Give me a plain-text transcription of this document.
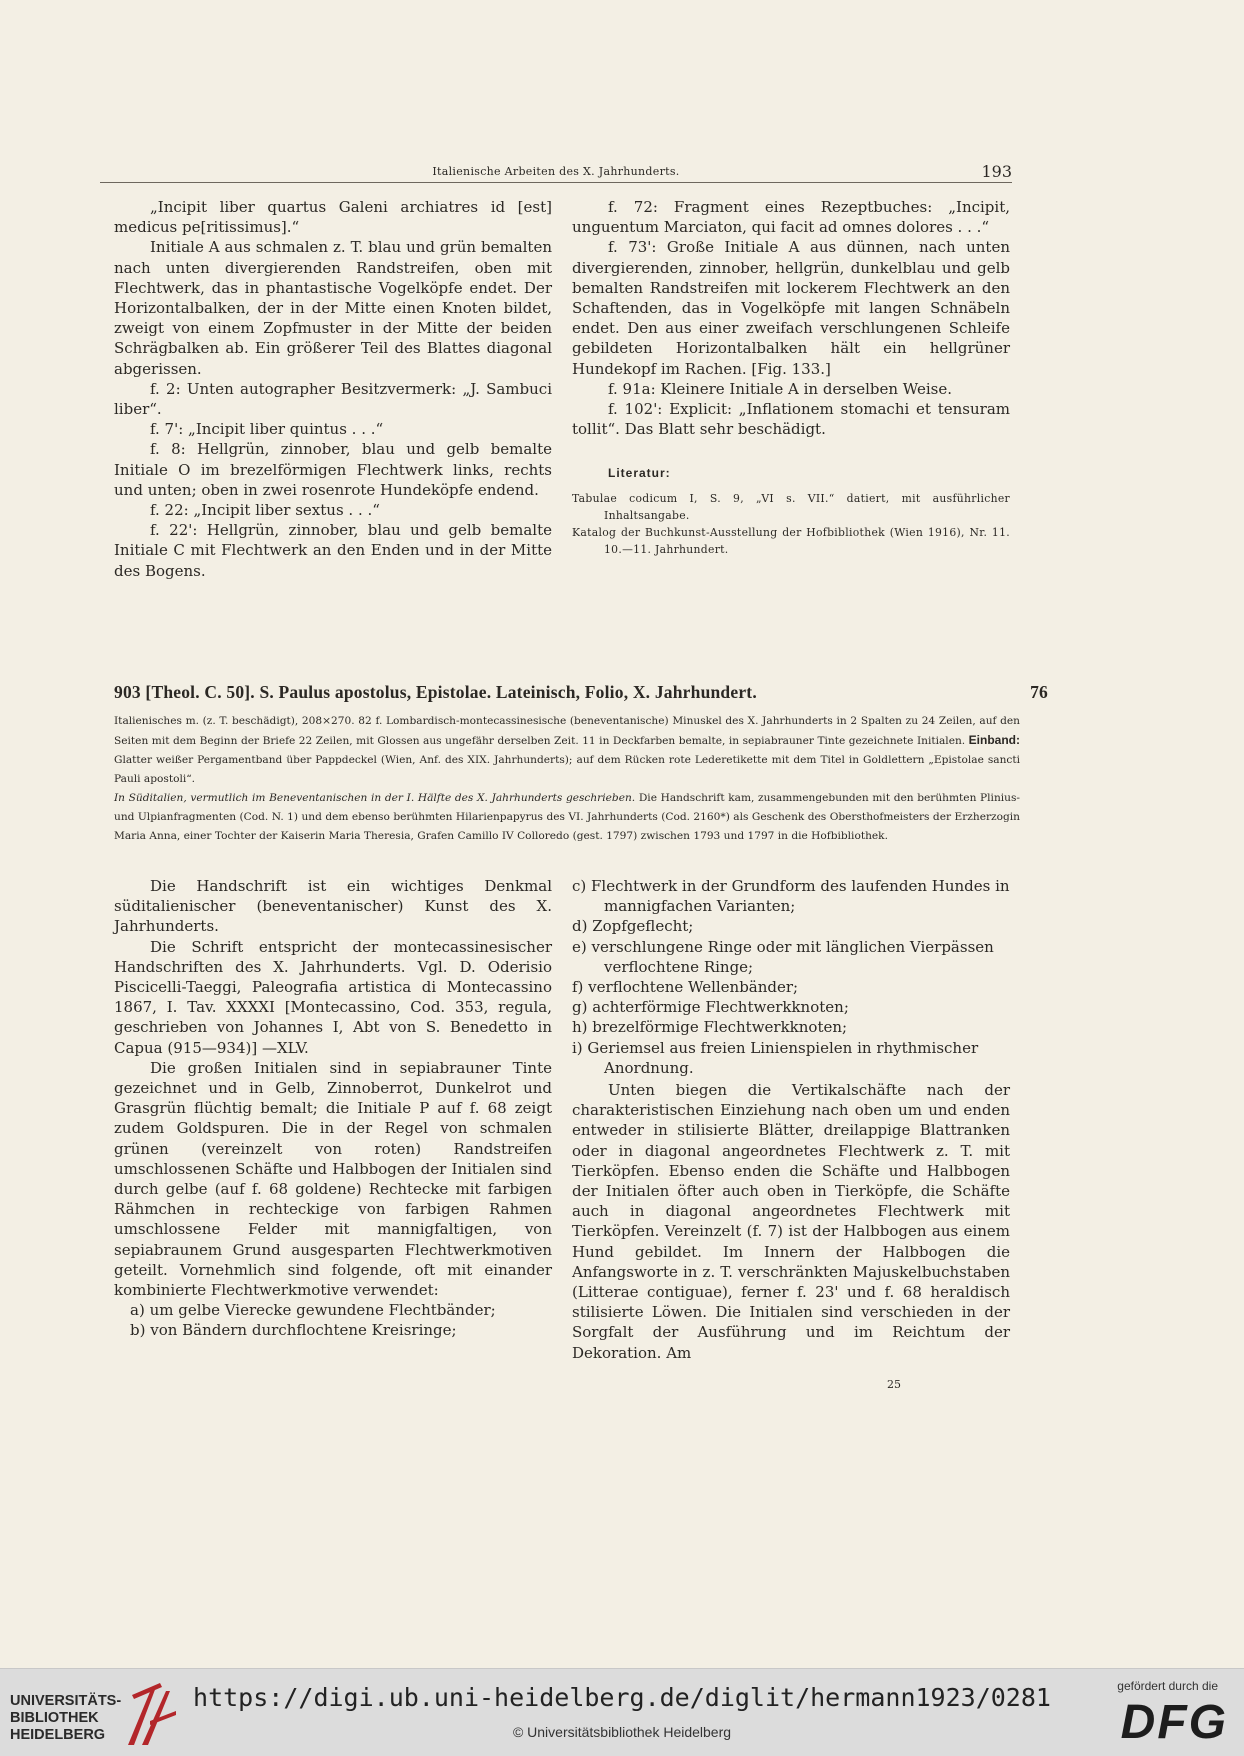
Italienische Arbeiten des X. Jahrhunderts.	193

„Incipit liber quartus Galeni archiatres id [est] medicus pe[ritissimus].“

Initiale A aus schmalen z. T. blau und grün bemalten nach unten divergierenden Randstreifen, oben mit Flechtwerk, das in phantastische Vogelköpfe endet. Der Horizontalbalken, der in der Mitte einen Knoten bildet, zweigt von einem Zopfmuster in der Mitte der beiden Schrägbalken ab. Ein größerer Teil des Blattes diagonal abgerissen.

f. 2: Unten autographer Besitzvermerk: „J. Sambuci liber“.

f. 7': „Incipit liber quintus . . .“

f. 8: Hellgrün, zinnober, blau und gelb bemalte Initiale O im brezelförmigen Flechtwerk links, rechts und unten; oben in zwei rosenrote Hundeköpfe endend.

f. 22: „Incipit liber sextus . . .“

f. 22': Hellgrün, zinnober, blau und gelb bemalte Initiale C mit Flechtwerk an den Enden und in der Mitte des Bogens.

f. 72: Fragment eines Rezeptbuches: „Incipit, unguentum Marciaton, qui facit ad omnes dolores . . .“

f. 73': Große Initiale A aus dünnen, nach unten divergierenden, zinnober, hellgrün, dunkelblau und gelb bemalten Randstreifen mit lockerem Flechtwerk an den Schaftenden, das in Vogelköpfe mit langen Schnäbeln endet. Den aus einer zweifach verschlungenen Schleife gebildeten Horizontalbalken hält ein hellgrüner Hundekopf im Rachen. [Fig. 133.]

f. 91a: Kleinere Initiale A in derselben Weise.

f. 102': Explicit: „Inflationem stomachi et tensuram tollit“. Das Blatt sehr beschädigt.

Literatur:

Tabulae codicum I, S. 9, „VI s. VII.“ datiert, mit ausführlicher Inhaltsangabe.

Katalog der Buchkunst-Ausstellung der Hofbibliothek (Wien 1916), Nr. 11. 10.—11. Jahrhundert.

903 [Theol. C. 50]. S. Paulus apostolus, Epistolae. Lateinisch, Folio, X. Jahrhundert.	76
Italienisches m. (z. T. beschädigt), 208×270. 82 f. Lombardisch-montecassinesische (beneventanische) Minuskel des X. Jahrhunderts in 2 Spalten zu 24 Zeilen, auf den Seiten mit dem Beginn der Briefe 22 Zeilen, mit Glossen aus ungefähr derselben Zeit. 11 in Deckfarben bemalte, in sepiabrauner Tinte gezeichnete Initialen. Einband: Glatter weißer Pergamentband über Pappdeckel (Wien, Anf. des XIX. Jahrhunderts); auf dem Rücken rote Lederetikette mit dem Titel in Goldlettern „Epistolae sancti Pauli apostoli“.
In Süditalien, vermutlich im Beneventanischen in der I. Hälfte des X. Jahrhunderts geschrieben. Die Handschrift kam, zusammengebunden mit den berühmten Plinius- und Ulpianfragmenten (Cod. N. 1) und dem ebenso berühmten Hilarienpapyrus des VI. Jahrhunderts (Cod. 2160*) als Geschenk des Obersthofmeisters der Erzherzogin Maria Anna, einer Tochter der Kaiserin Maria Theresia, Grafen Camillo IV Colloredo (gest. 1797) zwischen 1793 und 1797 in die Hofbibliothek.

Die Handschrift ist ein wichtiges Denkmal süditalienischer (beneventanischer) Kunst des X. Jahrhunderts.

Die Schrift entspricht der montecassinesischer Handschriften des X. Jahrhunderts. Vgl. D. Oderisio Piscicelli-Taeggi, Paleografia artistica di Montecassino 1867, I. Tav. XXXXI [Montecassino, Cod. 353, regula, geschrieben von Johannes I, Abt von S. Benedetto in Capua (915—934)] —XLV.

Die großen Initialen sind in sepiabrauner Tinte gezeichnet und in Gelb, Zinnoberrot, Dunkelrot und Grasgrün flüchtig bemalt; die Initiale P auf f. 68 zeigt zudem Goldspuren. Die in der Regel von schmalen grünen (vereinzelt von roten) Randstreifen umschlossenen Schäfte und Halbbogen der Initialen sind durch gelbe (auf f. 68 goldene) Rechtecke mit farbigen Rähmchen in rechteckige von farbigen Rahmen umschlossene Felder mit mannigfaltigen, von sepiabraunem Grund ausgesparten Flechtwerkmotiven geteilt. Vornehmlich sind folgende, oft mit einander kombinierte Flechtwerkmotive verwendet:

a) um gelbe Vierecke gewundene Flechtbänder;

b) von Bändern durchflochtene Kreisringe;

c) Flechtwerk in der Grundform des laufenden Hundes in mannigfachen Varianten;

d) Zopfgeflecht;

e) verschlungene Ringe oder mit länglichen Vierpässen verflochtene Ringe;

f) verflochtene Wellenbänder;

g) achterförmige Flechtwerkknoten;

h) brezelförmige Flechtwerkknoten;

i) Geriemsel aus freien Linienspielen in rhythmischer Anordnung.

Unten biegen die Vertikalschäfte nach der charakteristischen Einziehung nach oben um und enden entweder in stilisierte Blätter, dreilappige Blattranken oder in diagonal angeordnetes Flechtwerk z. T. mit Tierköpfen. Ebenso enden die Schäfte und Halbbogen der Initialen öfter auch oben in Tierköpfe, die Schäfte auch in diagonal angeordnetes Flechtwerk mit Tierköpfen. Vereinzelt (f. 7) ist der Halbbogen aus einem Hund gebildet. Im Innern der Halbbogen die Anfangsworte in z. T. verschränkten Majuskelbuchstaben (Litterae contiguae), ferner f. 23' und f. 68 heraldisch stilisierte Löwen. Die Initialen sind verschieden in der Sorgfalt der Ausführung und im Reichtum der Dekoration. Am

25
UNIVERSITÄTS-
BIBLIOTHEK
HEIDELBERG
https://digi.ub.uni-heidelberg.de/diglit/hermann1923/0281
© Universitätsbibliothek Heidelberg
gefördert durch die
DFG
